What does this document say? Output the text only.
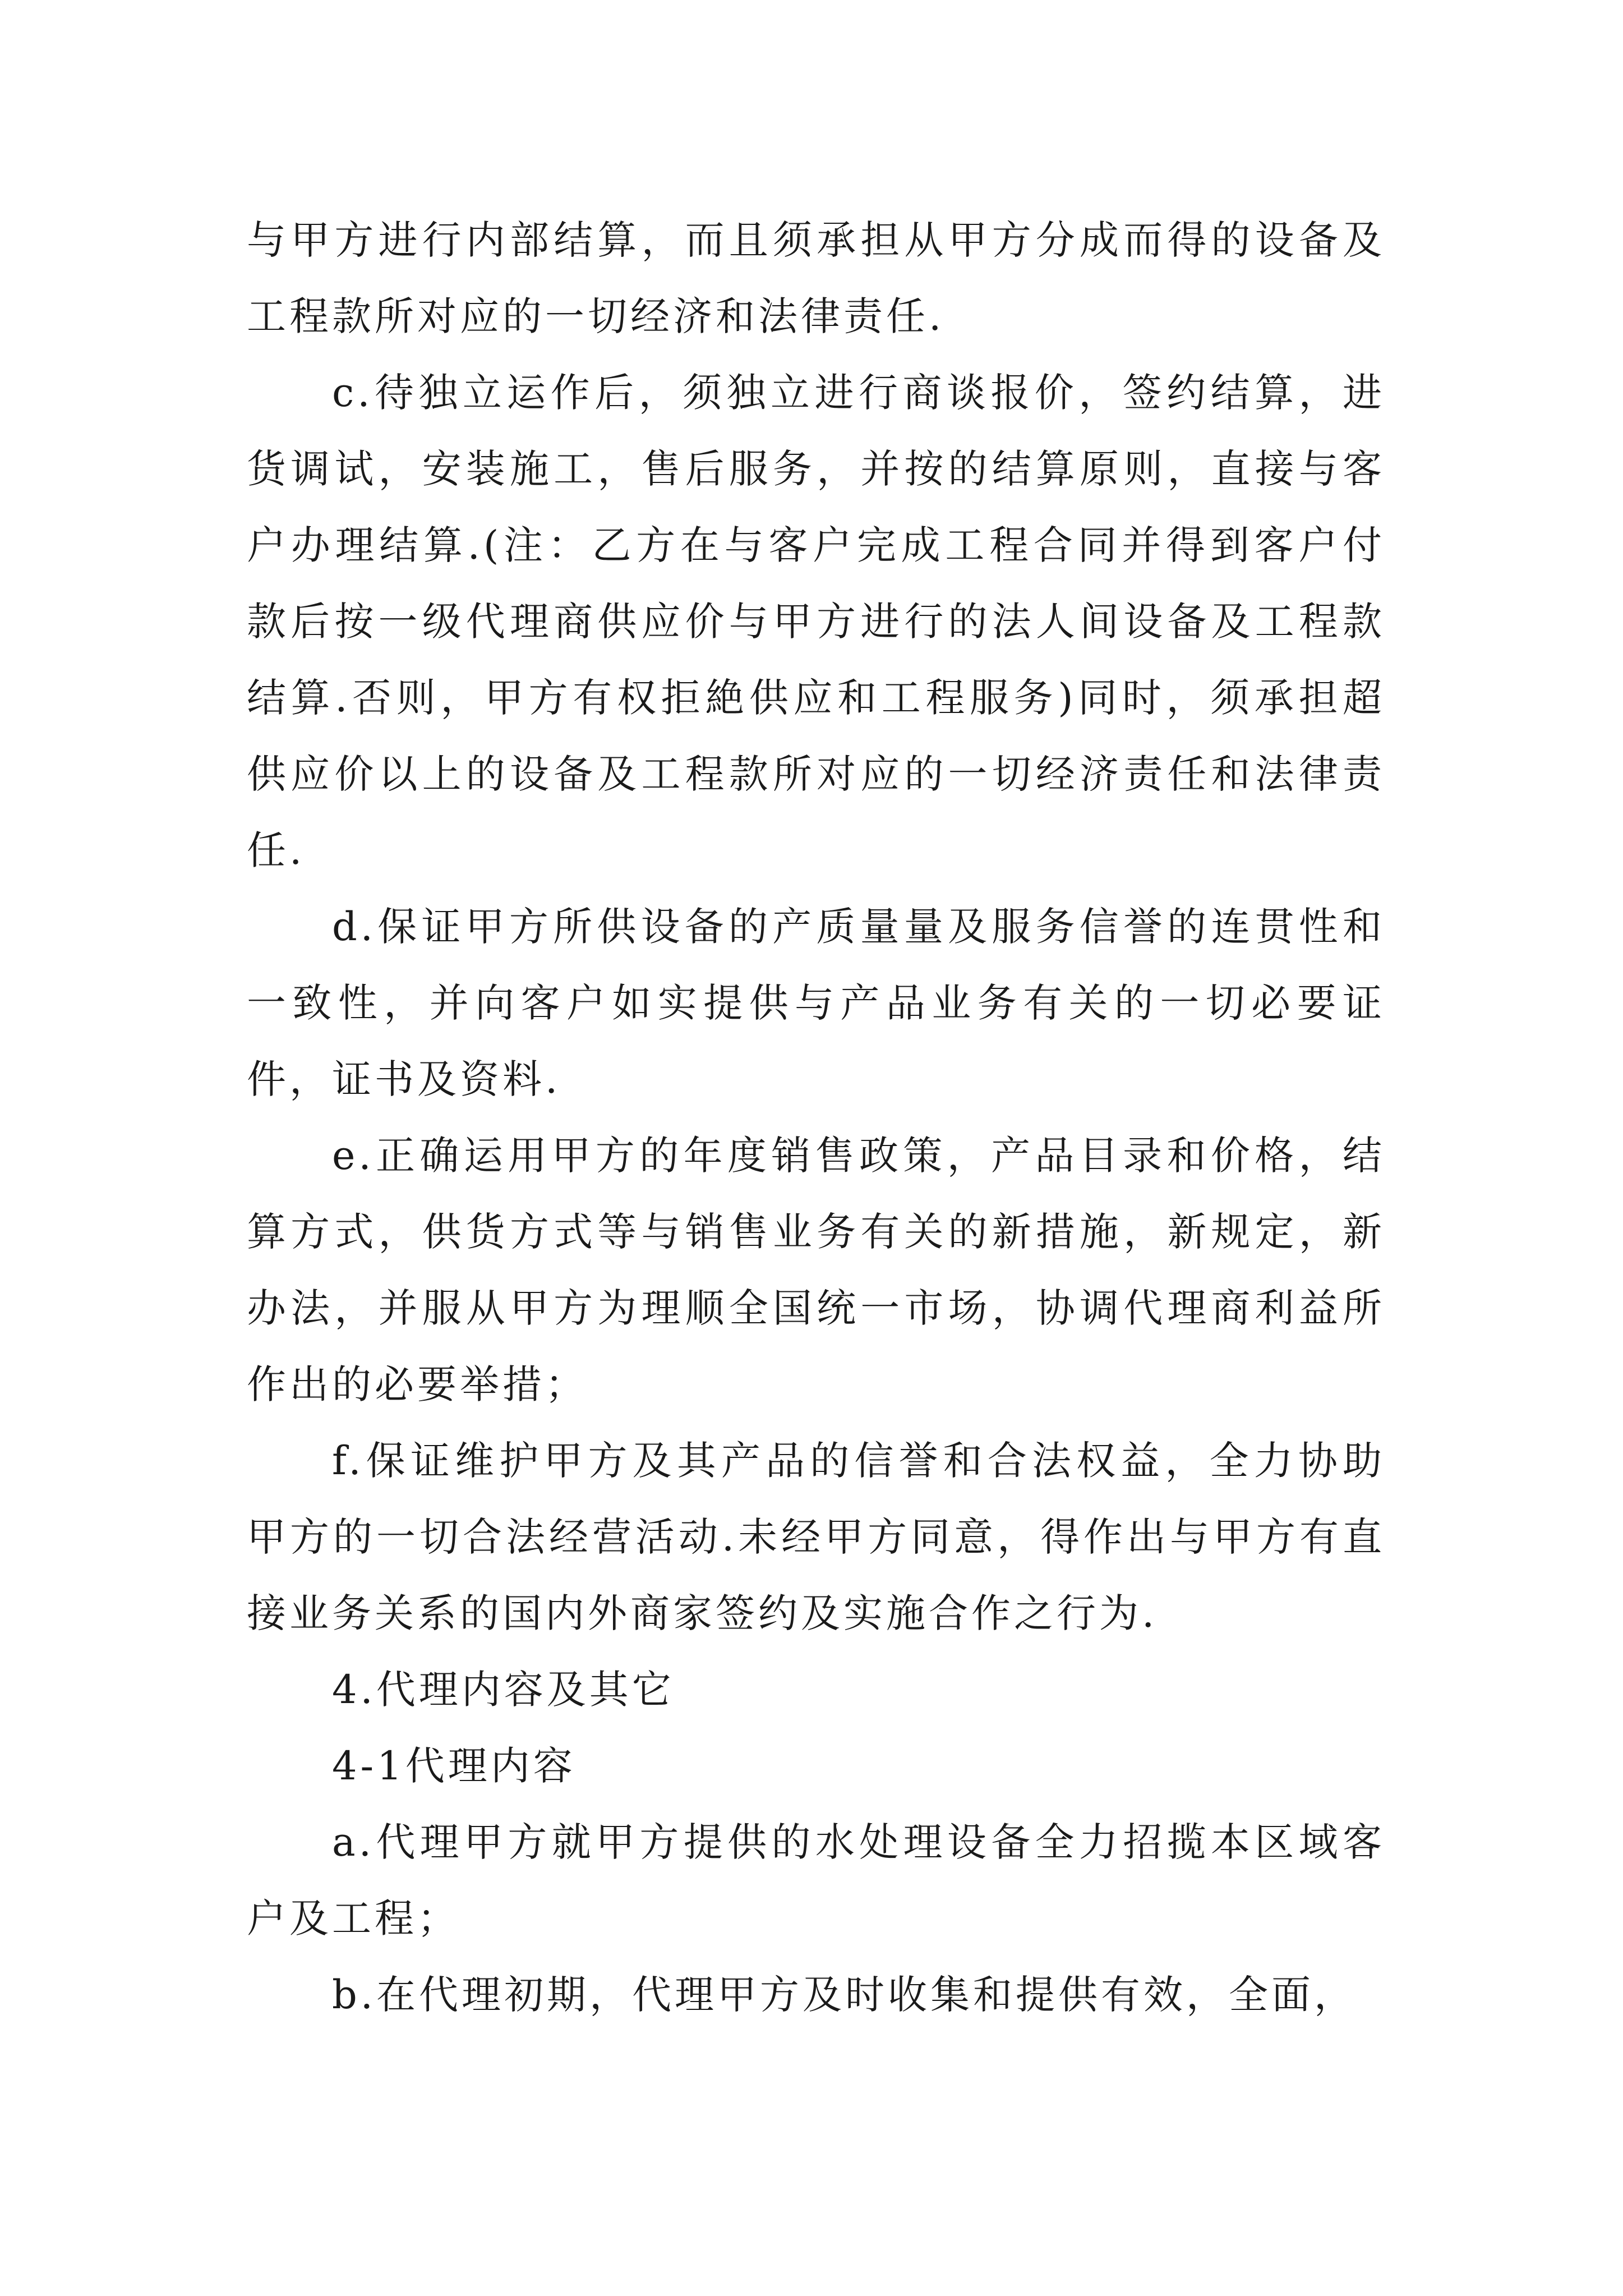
与甲方进行内部结算，而且须承担从甲方分成而得的设备及工程款所对应的一切经济和法律责任.

c.待独立运作后，须独立进行商谈报价，签约结算，进货调试，安装施工，售后服务，并按的结算原则，直接与客户办理结算.(注：乙方在与客户完成工程合同并得到客户付款后按一级代理商供应价与甲方进行的法人间设备及工程款结算.否则，甲方有权拒絶供应和工程服务)同时，须承担超供应价以上的设备及工程款所对应的一切经济责任和法律责任.

d.保证甲方所供设备的产质量量及服务信誉的连贯性和一致性，并向客户如实提供与产品业务有关的一切必要证件，证书及资料.

e.正确运用甲方的年度销售政策，产品目录和价格，结算方式，供货方式等与销售业务有关的新措施，新规定，新办法，并服从甲方为理顺全国统一市场，协调代理商利益所作出的必要举措；

f.保证维护甲方及其产品的信誉和合法权益，全力协助甲方的一切合法经营活动.未经甲方同意，得作出与甲方有直接业务关系的国内外商家签约及实施合作之行为.

4.代理内容及其它

4-1代理内容

a.代理甲方就甲方提供的水处理设备全力招揽本区域客户及工程；

b.在代理初期，代理甲方及时收集和提供有效，全面，
